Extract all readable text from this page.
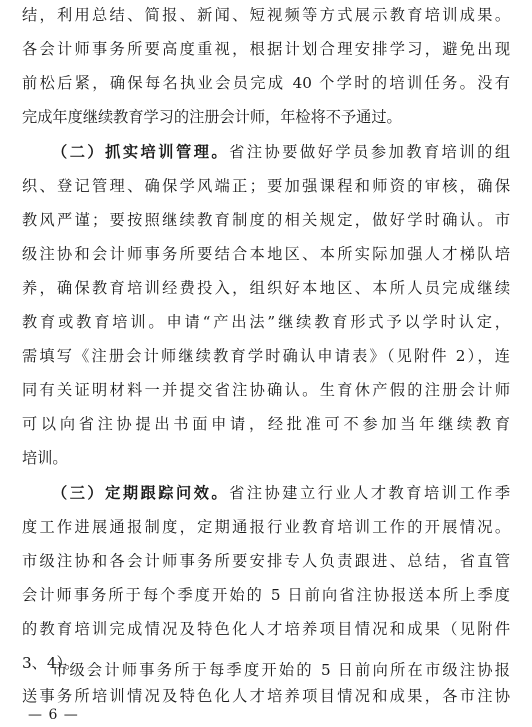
结，利用总结、简报、新闻、短视频等方式展示教育培训成果。
各会计师事务所要高度重视，根据计划合理安排学习，避免出现
前松后紧，确保每名执业会员完成 40 个学时的培训任务。没有
完成年度继续教育学习的注册会计师，年检将不予通过。
（二）抓实培训管理。省注协要做好学员参加教育培训的组
织、登记管理、确保学风端正；要加强课程和师资的审核，确保
教风严谨；要按照继续教育制度的相关规定，做好学时确认。市
级注协和会计师事务所要结合本地区、本所实际加强人才梯队培
养，确保教育培训经费投入，组织好本地区、本所人员完成继续
教育或教育培训。申请“产出法”继续教育形式予以学时认定，
需填写《注册会计师继续教育学时确认申请表》（见附件 2），连
同有关证明材料一并提交省注协确认。生育休产假的注册会计师
可以向省注协提出书面申请，经批准可不参加当年继续教育
培训。
（三）定期跟踪问效。省注协建立行业人才教育培训工作季
度工作进展通报制度，定期通报行业教育培训工作的开展情况。
市级注协和各会计师事务所要安排专人负责跟进、总结，省直管
会计师事务所于每个季度开始的 5 日前向省注协报送本所上季度
的教育培训完成情况及特色化人才培养项目情况和成果（见附件
3、4）。
市级会计师事务所于每季度开始的 5 日前向所在市级注协报
送事务所培训情况及特色化人才培养项目情况和成果，各市注协
— 6 —
